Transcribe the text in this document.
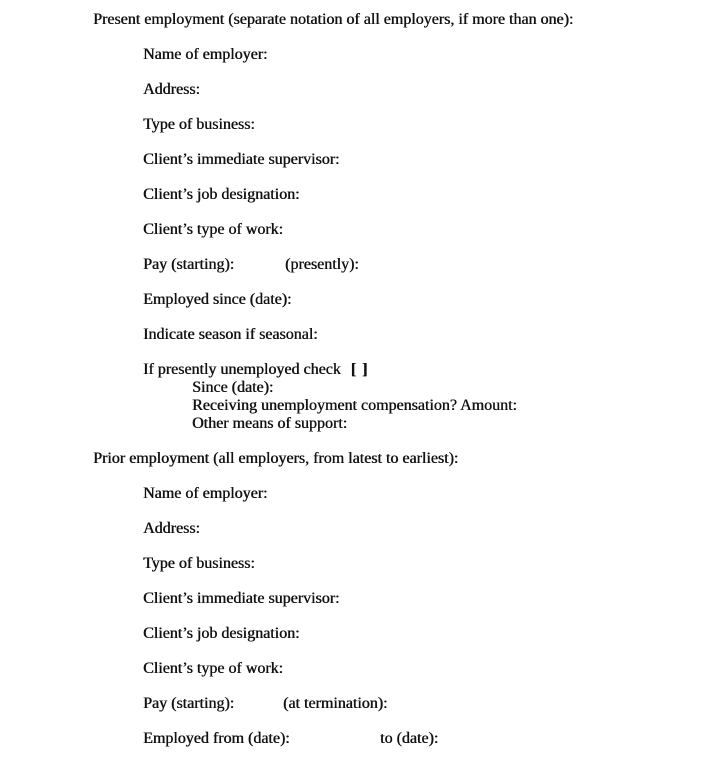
Present employment (separate notation of all employers, if more than one):
Name of employer:
Address:
Type of business:
Client’s immediate supervisor:
Client’s job designation:
Client’s type of work:
Pay (starting):	(presently):
Employed since (date):
Indicate season if seasonal:
If presently unemployed check [ ]
Since (date):
Receiving unemployment compensation? Amount:
Other means of support:
Prior employment (all employers, from latest to earliest):
Name of employer:
Address:
Type of business:
Client’s immediate supervisor:
Client’s job designation:
Client’s type of work:
Pay (starting):	(at termination):
Employed from (date):	to (date):
